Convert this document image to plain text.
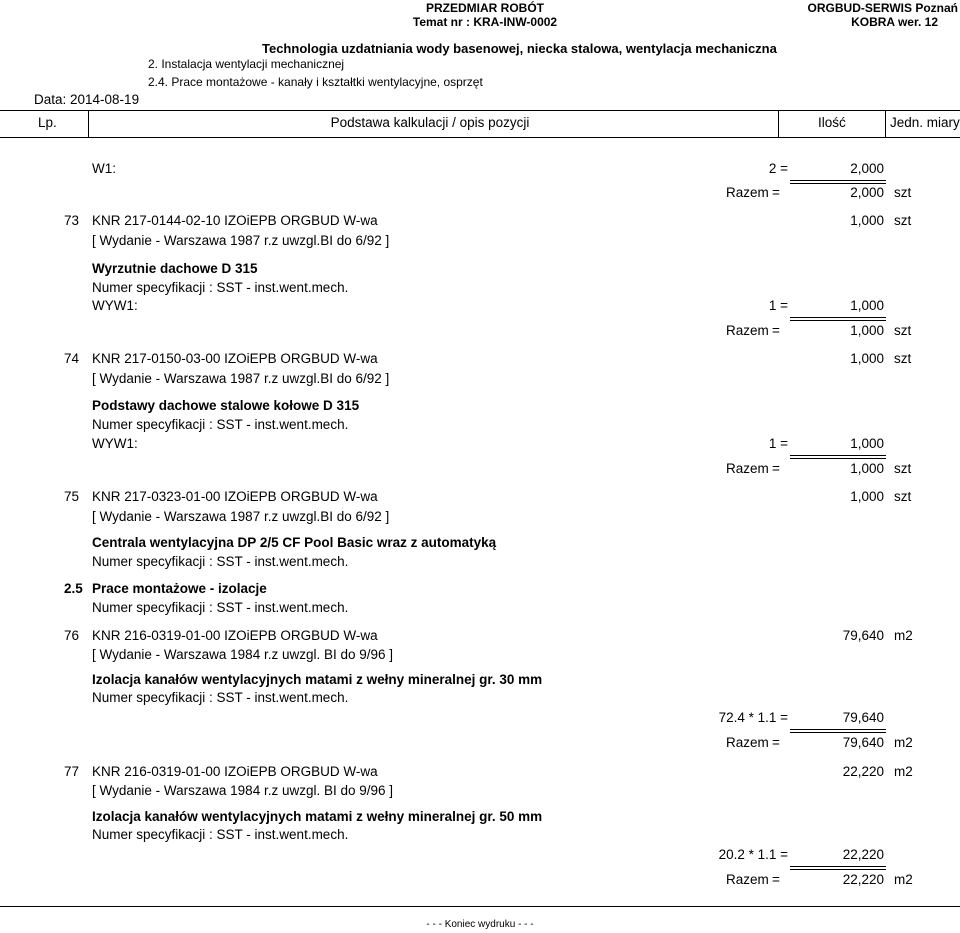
PRZEDMIAR ROBÓT
Temat nr : KRA-INW-0002
ORGBUD-SERWIS Poznań
KOBRA wer. 12
Technologia uzdatniania wody basenowej, niecka stalowa, wentylacja mechaniczna
2. Instalacja wentylacji mechanicznej
2.4. Prace montażowe - kanały i kształtki wentylacyjne, osprzęt
Data: 2014-08-19
Lp.	Podstawa kalkulacji / opis pozycji	Ilość	Jedn. miary
W1:	2 =	2,000
Razem =	2,000 szt
73 KNR 217-0144-02-10 IZOiEPB ORGBUD W-wa	1,000 szt
[ Wydanie - Warszawa 1987 r.z uwzgl.BI do 6/92 ]
Wyrzutnie dachowe D 315
Numer specyfikacji : SST - inst.went.mech.
WYW1:	1 =	1,000
Razem =	1,000 szt
74 KNR 217-0150-03-00 IZOiEPB ORGBUD W-wa	1,000 szt
[ Wydanie - Warszawa 1987 r.z uwzgl.BI do 6/92 ]
Podstawy dachowe stalowe kołowe D 315
Numer specyfikacji : SST - inst.went.mech.
WYW1:	1 =	1,000
Razem =	1,000 szt
75 KNR 217-0323-01-00 IZOiEPB ORGBUD W-wa	1,000 szt
[ Wydanie - Warszawa 1987 r.z uwzgl.BI do 6/92 ]
Centrala wentylacyjna DP 2/5 CF Pool Basic wraz z automatyką
Numer specyfikacji : SST - inst.went.mech.
2.5 Prace montażowe - izolacje
Numer specyfikacji : SST - inst.went.mech.
76 KNR 216-0319-01-00 IZOiEPB ORGBUD W-wa	79,640 m2
[ Wydanie - Warszawa 1984 r.z uwzgl. BI do 9/96 ]
Izolacja kanałów wentylacyjnych matami z wełny mineralnej gr. 30 mm
Numer specyfikacji : SST - inst.went.mech.
72.4 * 1.1 =	79,640
Razem =	79,640 m2
77 KNR 216-0319-01-00 IZOiEPB ORGBUD W-wa	22,220 m2
[ Wydanie - Warszawa 1984 r.z uwzgl. BI do 9/96 ]
Izolacja kanałów wentylacyjnych matami z wełny mineralnej gr. 50 mm
Numer specyfikacji : SST - inst.went.mech.
20.2 * 1.1 =	22,220
Razem =	22,220 m2
- - - Koniec wydruku - - -
